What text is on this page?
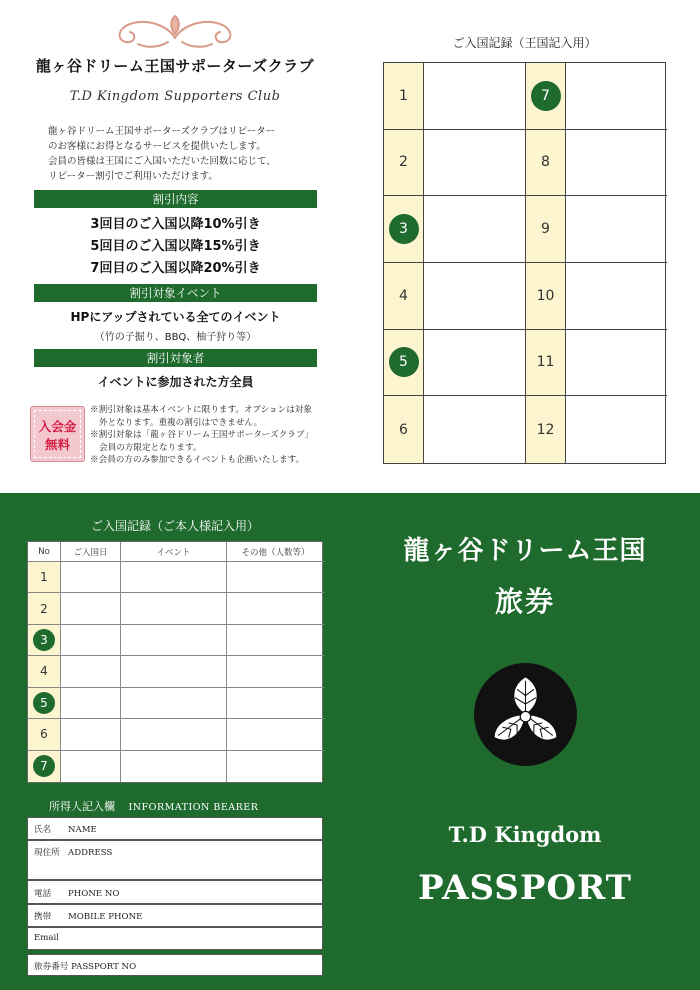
龍ヶ谷ドリーム王国サポーターズクラブ
T.D Kingdom Supporters Club
龍ヶ谷ドリーム王国サポーターズクラブはリピーター
のお客様にお得となるサービスを提供いたします。
会員の皆様は王国にご入国いただいた回数に応じて、
リピーター割引でご利用いただけます。
割引内容
3回目のご入国以降10%引き
5回目のご入国以降15%引き
7回目のご入国以降20%引き
割引対象イベント
HPにアップされている全てのイベント
（竹の子掘り、BBQ、柚子狩り等）
割引対象者
イベントに参加された方全員
入会金
無料
※割引対象は基本イベントに限ります。オプションは対象
外となります。重複の割引はできません。
※割引対象は「龍ヶ谷ドリーム王国サポーターズクラブ」
会員の方限定となります。
※会員の方のみ参加できるイベントも企画いたします。
ご入国記録（王国記入用）
1	7
2	8
3	9
4	10
5	11
6	12
ご入国記録（ご本人様記入用）
No	ご入国日	イベント	その他（人数等）
1
2
3
4
5
6
7
所得人記入欄 INFORMATION BEARER
氏名 NAME
現住所 ADDRESS
電話 PHONE NO
携帯 MOBILE PHONE
Email
旅券番号 PASSPORT NO
龍ヶ谷ドリーム王国
旅券
T.D Kingdom
PASSPORT
